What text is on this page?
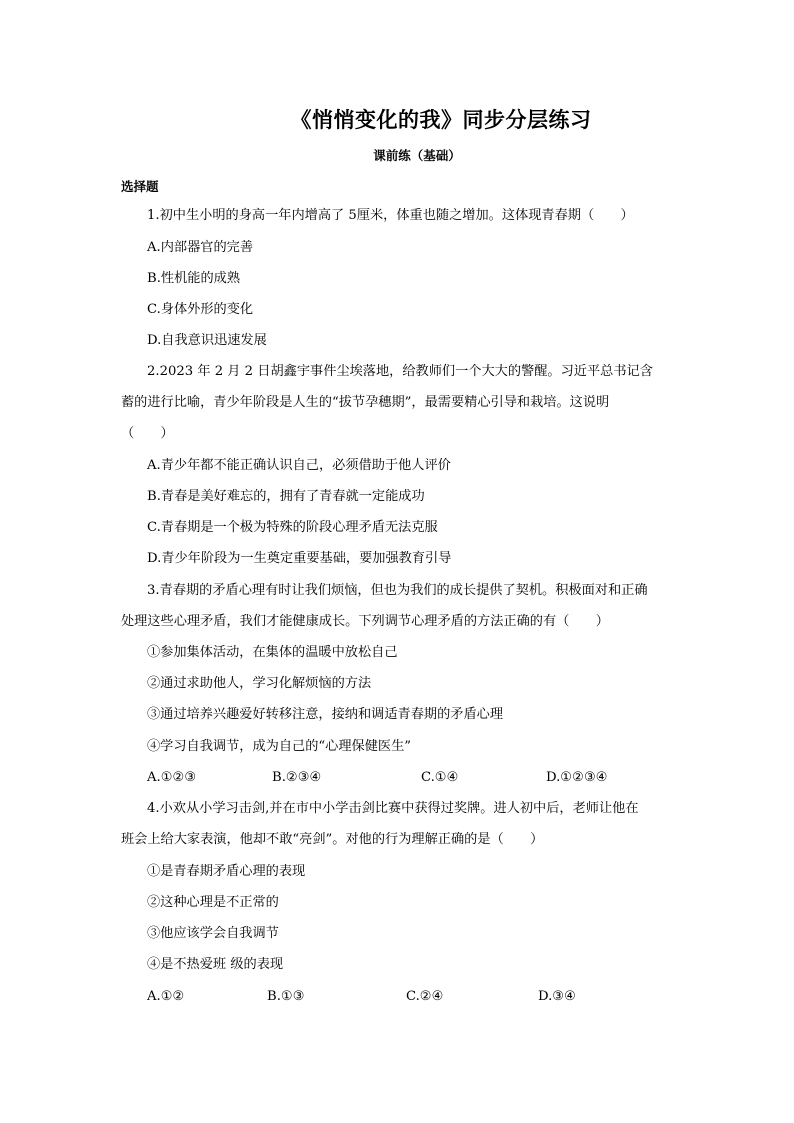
《悄悄变化的我》同步分层练习
课前练（基础）
选择题
1.初中生小明的身高一年内增高了 5厘米，体重也随之增加。这体现青春期（　　）
A.内部器官的完善
B.性机能的成熟
C.身体外形的变化
D.自我意识迅速发展
2.2023 年 2 月 2 日胡鑫宇事件尘埃落地，给教师们一个大大的警醒。习近平总书记含
蓄的进行比喻，青少年阶段是人生的“拔节孕穗期”，最需要精心引导和栽培。这说明
（　　）
A.青少年都不能正确认识自己，必须借助于他人评价
B.青春是美好难忘的，拥有了青春就一定能成功
C.青春期是一个极为特殊的阶段心理矛盾无法克服
D.青少年阶段为一生奠定重要基础，要加强教育引导
3.青春期的矛盾心理有时让我们烦恼，但也为我们的成长提供了契机。积极面对和正确
处理这些心理矛盾，我们才能健康成长。下列调节心理矛盾的方法正确的有（　　）
①参加集体活动，在集体的温暖中放松自己
②通过求助他人，学习化解烦恼的方法
③通过培养兴趣爱好转移注意，接纳和调适青春期的矛盾心理
④学习自我调节，成为自己的“心理保健医生”
A.①②③	B.②③④	C.①④	D.①②③④
4.小欢从小学习击剑,并在市中小学击剑比赛中获得过奖牌。进人初中后，老师让他在
班会上给大家表演，他却不敢“亮剑”。对他的行为理解正确的是（　　）
①是青春期矛盾心理的表现
②这种心理是不正常的
③他应该学会自我调节
④是不热爱班 级的表现
A.①②	B.①③	C.②④	D.③④
